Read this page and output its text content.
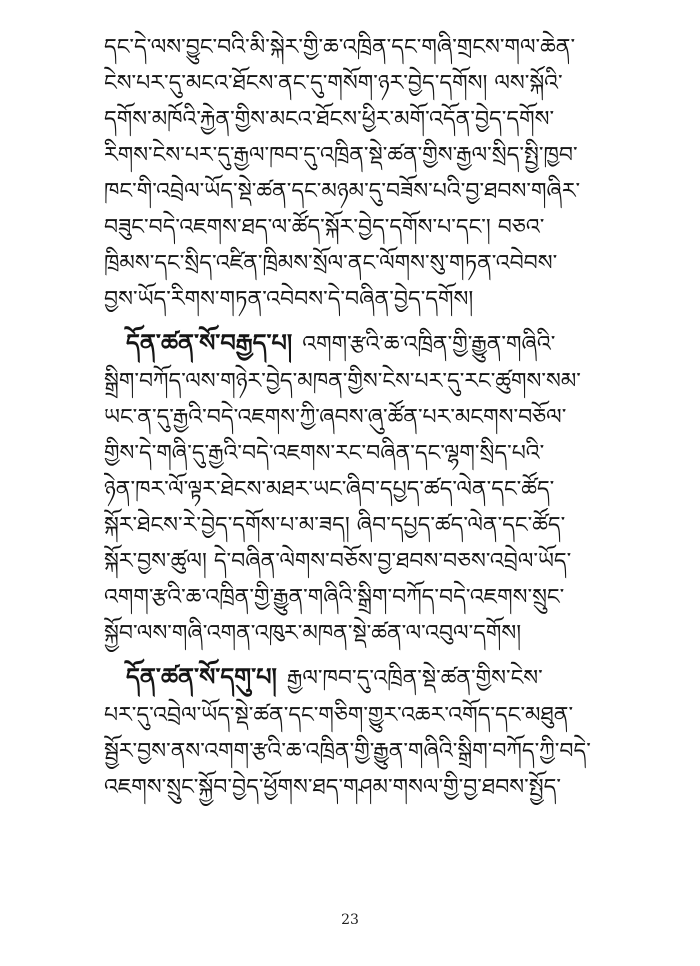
དང་དེ་ལས་བྱུང་བའི་མི་སྐེར་གྱི་ཆ་འཁྲིན་དང་གཞི་གྲངས་གལ་ཆེན་
ངེས་པར་དུ་མངའ་ཐོངས་ནང་དུ་གསོག་ཉར་བྱེད་དགོས། ལས་སྐོའི་
དགོས་མཁོའི་རྐྱེན་གྱིས་མངའ་ཐོངས་ཕྱིར་མགོ་འདོན་བྱེད་དགོས་
རིགས་ངེས་པར་དུ་རྒྱལ་ཁབ་དུ་འཁྲིན་སྡེ་ཚན་གྱིས་རྒྱལ་སྲིད་སྤྱི་ཁྱབ་
ཁང་གི་འབྲེལ་ཡོད་སྡེ་ཚན་དང་མཉམ་དུ་བཟོས་པའི་བྱ་ཐབས་གཞིར་
བཟུང་བདེ་འཇགས་ཐད་ལ་ཚོད་སྐོར་བྱེད་དགོས་པ་དང་། བཅའ་
ཁྲིམས་དང་སྲིད་འཛིན་ཁྲིམས་སྲོལ་ནང་ལོགས་སུ་གཏན་འབེབས་
བྱས་ཡོད་རིགས་གཏན་འབེབས་དེ་བཞིན་བྱེད་དགོས།
དོན་ཚན་སོ་བརྒྱད་པ། འགག་རྩའི་ཆ་འཁྲིན་གྱི་རྒྱུན་གཞིའི་
སྒྲིག་བཀོད་ལས་གཉེར་བྱེད་མཁན་གྱིས་ངེས་པར་དུ་རང་ཚུགས་སམ་
ཡང་ན་དུ་རྒྱའི་བདེ་འཇགས་ཀྱི་ཞབས་ཞུ་ཚོན་པར་མངགས་བཅོལ་
གྱིས་དེ་གཞི་དུ་རྒྱའི་བདེ་འཇགས་རང་བཞིན་དང་ལྷག་སྲིད་པའི་
ཉེན་ཁར་ལོ་ལྟར་ཐེངས་མཐར་ཡང་ཞིབ་དཔྱད་ཚད་ལེན་དང་ཚོད་
སྐོར་ཐེངས་རེ་བྱེད་དགོས་པ་མ་ཟད། ཞིབ་དཔྱད་ཚད་ལེན་དང་ཚོད་
སྐོར་བྱས་ཚུལ། དེ་བཞིན་ལེགས་བཅོས་བྱ་ཐབས་བཅས་འབྲེལ་ཡོད་
འགག་རྩའི་ཆ་འཁྲིན་གྱི་རྒྱུན་གཞིའི་སྒྲིག་བཀོད་བདེ་འཇགས་སྲུང་
སྐྱོབ་ལས་གཞི་འགན་འཁུར་མཁན་སྡེ་ཚན་ལ་འབུལ་དགོས།
དོན་ཚན་སོ་དགུ་པ། རྒྱལ་ཁབ་དུ་འཁྲིན་སྡེ་ཚན་གྱིས་ངེས་
པར་དུ་འབྲེལ་ཡོད་སྡེ་ཚན་དང་གཅིག་གྱུར་འཆར་འགོད་དང་མཐུན་
སྦྱོར་བྱས་ནས་འགག་རྩའི་ཆ་འཁྲིན་གྱི་རྒྱུན་གཞིའི་སྒྲིག་བཀོད་ཀྱི་བདེ་
འཇགས་སྲུང་སྐྱོབ་བྱེད་ཕྱོགས་ཐད་གཤམ་གསལ་གྱི་བྱ་ཐབས་སྤྱོད་
23
